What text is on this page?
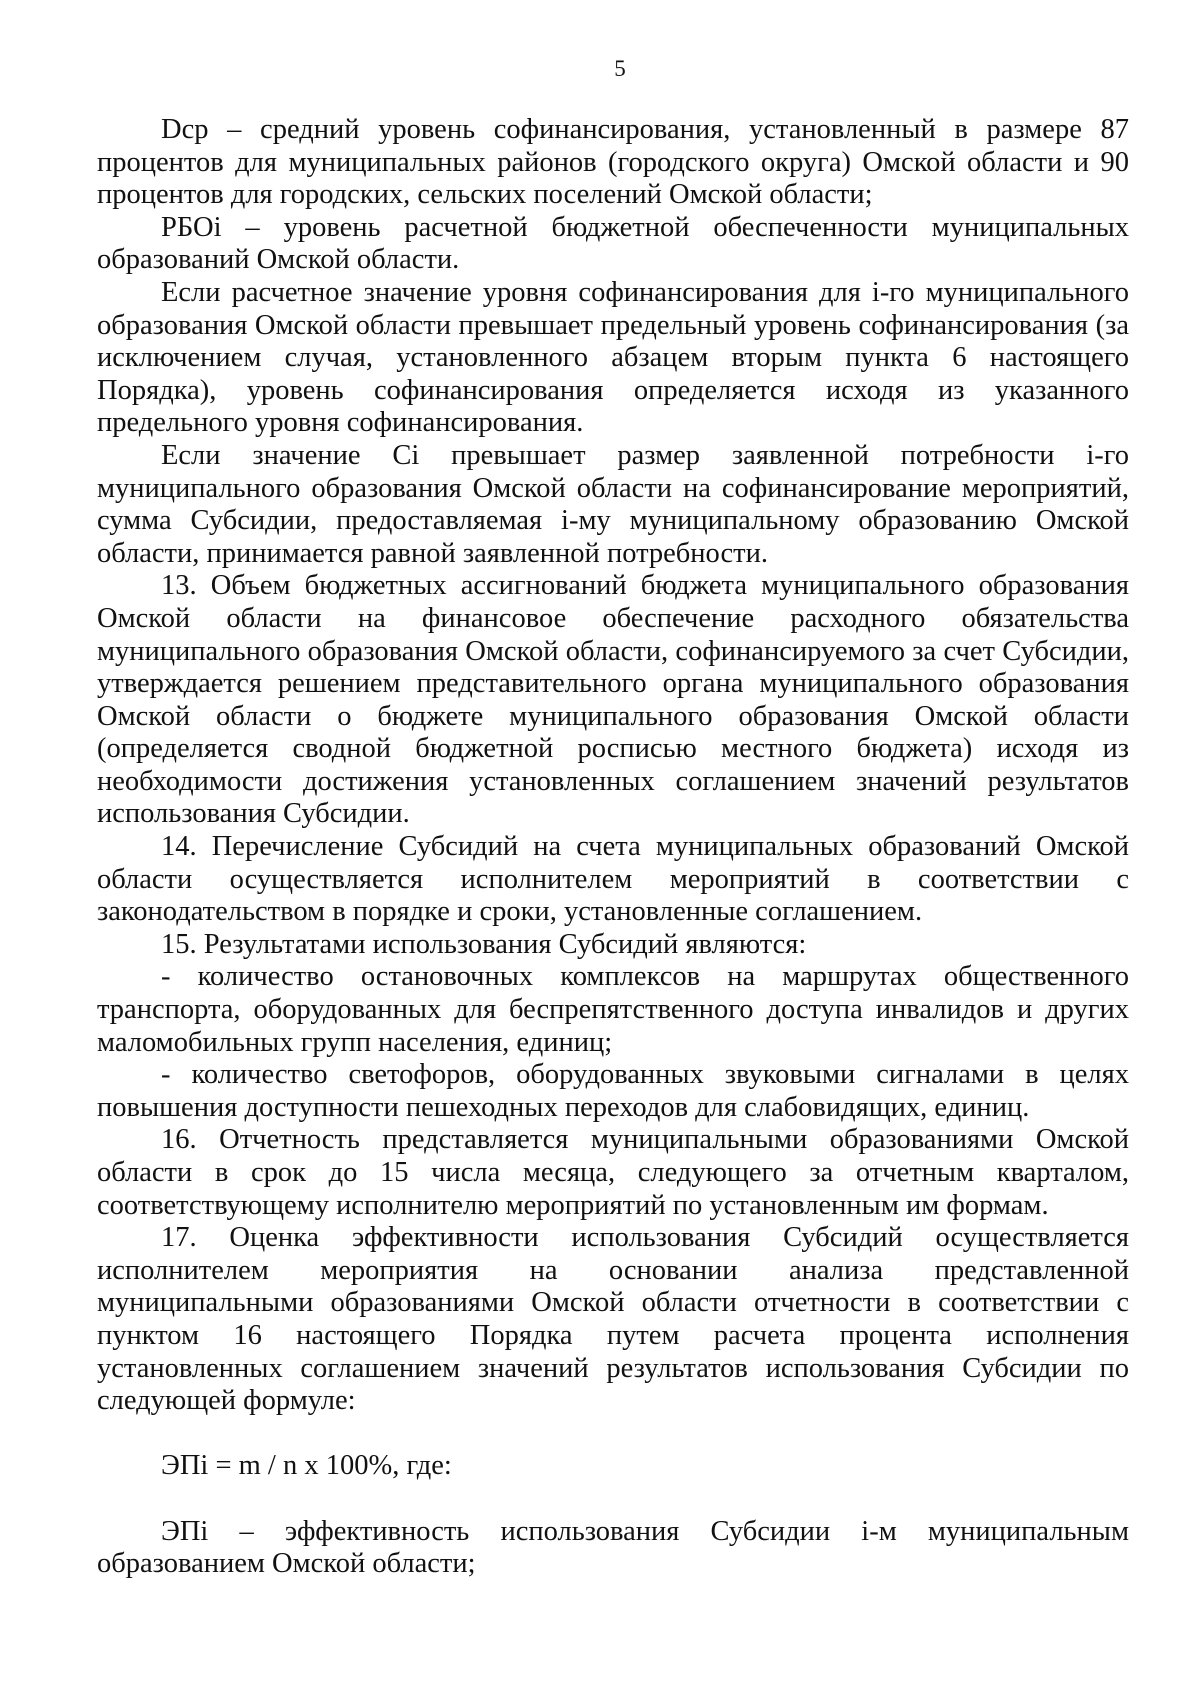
5

Dср – средний уровень софинансирования, установленный в размере 87 процентов для муниципальных районов (городского округа) Омской области и 90 процентов для городских, сельских поселений Омской области;

РБОi – уровень расчетной бюджетной обеспеченности муниципальных образований Омской области.

Если расчетное значение уровня софинансирования для i-го муниципального образования Омской области превышает предельный уровень софинансирования (за исключением случая, установленного абзацем вторым пункта 6 настоящего Порядка), уровень софинансирования определяется исходя из указанного предельного уровня софинансирования.

Если значение Ci превышает размер заявленной потребности i-го муниципального образования Омской области на софинансирование мероприятий, сумма Субсидии, предоставляемая i-му муниципальному образованию Омской области, принимается равной заявленной потребности.

13. Объем бюджетных ассигнований бюджета муниципального образования Омской области на финансовое обеспечение расходного обязательства муниципального образования Омской области, софинансируемого за счет Субсидии, утверждается решением представительного органа муниципального образования Омской области о бюджете муниципального образования Омской области (определяется сводной бюджетной росписью местного бюджета) исходя из необходимости достижения установленных соглашением значений результатов использования Субсидии.

14. Перечисление Субсидий на счета муниципальных образований Омской области осуществляется исполнителем мероприятий в соответствии с законодательством в порядке и сроки, установленные соглашением.

15. Результатами использования Субсидий являются:

- количество остановочных комплексов на маршрутах общественного транспорта, оборудованных для беспрепятственного доступа инвалидов и других маломобильных групп населения, единиц;

- количество светофоров, оборудованных звуковыми сигналами в целях повышения доступности пешеходных переходов для слабовидящих, единиц.

16. Отчетность представляется муниципальными образованиями Омской области в срок до 15 числа месяца, следующего за отчетным кварталом, соответствующему исполнителю мероприятий по установленным им формам.

17. Оценка эффективности использования Субсидий осуществляется исполнителем мероприятия на основании анализа представленной муниципальными образованиями Омской области отчетности в соответствии с пунктом 16 настоящего Порядка путем расчета процента исполнения установленных соглашением значений результатов использования Субсидии по следующей формуле:

ЭПi = m / n x 100%, где:

ЭПi – эффективность использования Субсидии i-м муниципальным образованием Омской области;
